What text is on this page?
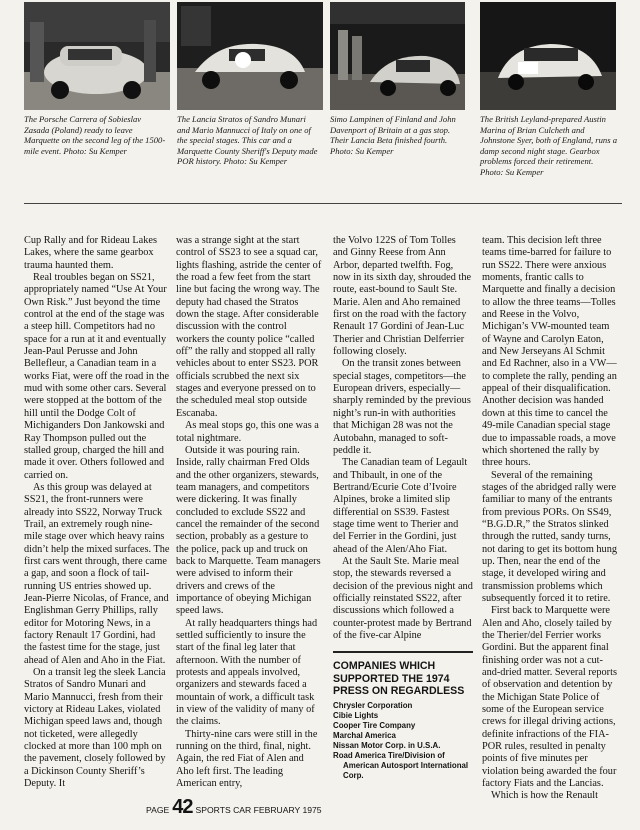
The Porsche Carrera of Sobieslav Zasada (Poland) ready to leave Marquette on the second leg of the 1500-mile event. Photo: Su Kemper
The Lancia Stratos of Sandro Munari and Mario Mannucci of Italy on one of the special stages. This car and a Marquette County Sheriff's Deputy made POR history. Photo: Su Kemper
Simo Lampinen of Finland and John Davenport of Britain at a gas stop. Their Lancia Beta finished fourth. Photo: Su Kemper
The British Leyland-prepared Austin Marina of Brian Culcheth and Johnstone Syer, both of England, runs a damp second night stage. Gearbox problems forced their retirement. Photo: Su Kemper

Cup Rally and for Rideau Lakes Lakes, where the same gearbox trauma haunted them.

Real troubles began on SS21, appropriately named “Use At Your Own Risk.” Just beyond the time control at the end of the stage was a steep hill. Competitors had no space for a run at it and eventually Jean-Paul Perusse and John Bellefleur, a Canadian team in a works Fiat, were off the road in the mud with some other cars. Several were stopped at the bottom of the hill until the Dodge Colt of Michiganders Don Jankowski and Ray Thompson pulled out the stalled group, charged the hill and made it over. Others followed and carried on.

As this group was delayed at SS21, the front-runners were already into SS22, Norway Truck Trail, an extremely rough nine-mile stage over which heavy rains didn’t help the mixed surfaces. The first cars went through, there came a gap, and soon a flock of tail-running US entries showed up. Jean-Pierre Nicolas, of France, and Englishman Gerry Phillips, rally editor for Motoring News, in a factory Renault 17 Gordini, had the fastest time for the stage, just ahead of Alen and Aho in the Fiat.

On a transit leg the sleek Lancia Stratos of Sandro Munari and Mario Mannucci, fresh from their victory at Rideau Lakes, violated Michigan speed laws and, though not ticketed, were allegedly clocked at more than 100 mph on the pavement, closely followed by a Dickinson County Sheriff’s Deputy. It

was a strange sight at the start control of SS23 to see a squad car, lights flashing, astride the center of the road a few feet from the start line but facing the wrong way. The deputy had chased the Stratos down the stage. After considerable discussion with the control workers the county police “called off” the rally and stopped all rally vehicles about to enter SS23. POR officials scrubbed the next six stages and everyone pressed on to the scheduled meal stop outside Escanaba.

As meal stops go, this one was a total nightmare.

Outside it was pouring rain. Inside, rally chairman Fred Olds and the other organizers, stewards, team managers, and competitors were dickering. It was finally concluded to exclude SS22 and cancel the remainder of the second section, probably as a gesture to the police, pack up and truck on back to Marquette. Team managers were advised to inform their drivers and crews of the importance of obeying Michigan speed laws.

At rally headquarters things had settled sufficiently to insure the start of the final leg later that afternoon. With the number of protests and appeals involved, organizers and stewards faced a mountain of work, a difficult task in view of the validity of many of the claims.

Thirty-nine cars were still in the running on the third, final, night. Again, the red Fiat of Alen and Aho left first. The leading American entry,

the Volvo 122S of Tom Tolles and Ginny Reese from Ann Arbor, departed twelfth. Fog, now in its sixth day, shrouded the route, east-bound to Sault Ste. Marie. Alen and Aho remained first on the road with the factory Renault 17 Gordini of Jean-Luc Therier and Christian Delferrier following closely.

On the transit zones between special stages, competitors—the European drivers, especially—sharply reminded by the previous night’s run-in with authorities that Michigan 28 was not the Autobahn, managed to soft-peddle it.

The Canadian team of Legault and Thibault, in one of the Bertrand/Ecurie Cote d’Ivoire Alpines, broke a limited slip differential on SS39. Fastest stage time went to Therier and del Ferrier in the Gordini, just ahead of the Alen/Aho Fiat.

At the Sault Ste. Marie meal stop, the stewards reversed a decision of the previous night and officially reinstated SS22, after discussions which followed a counter-protest made by Bertrand of the five-car Alpine

COMPANIES WHICH SUPPORTED THE 1974 PRESS ON REGARDLESS
Chrysler Corporation
Cibie Lights
Cooper Tire Company
Marchal America
Nissan Motor Corp. in U.S.A.
Road America Tire/Division of American Autosport International Corp.

team. This decision left three teams time-barred for failure to run SS22. There were anxious moments, frantic calls to Marquette and finally a decision to allow the three teams—Tolles and Reese in the Volvo, Michigan’s VW-mounted team of Wayne and Carolyn Eaton, and New Jerseyans Al Schmit and Ed Rachner, also in a VW—to complete the rally, pending an appeal of their disqualification. Another decision was handed down at this time to cancel the 49-mile Canadian special stage due to impassable roads, a move which shortened the rally by three hours.

Several of the remaining stages of the abridged rally were familiar to many of the entrants from previous PORs. On SS49, “B.G.D.R,” the Stratos slinked through the rutted, sandy turns, not daring to get its bottom hung up. Then, near the end of the stage, it developed wiring and transmission problems which subsequently forced it to retire.

First back to Marquette were Alen and Aho, closely tailed by the Therier/del Ferrier works Gordini. But the apparent final finishing order was not a cut-and-dried matter. Several reports of observation and detention by the Michigan State Police of some of the European service crews for illegal driving actions, definite infractions of the FIA-POR rules, resulted in penalty points of five minutes per violation being awarded the four factory Fiats and the Lancias.

Which is how the Renault

PAGE 42 SPORTS CAR FEBRUARY 1975
